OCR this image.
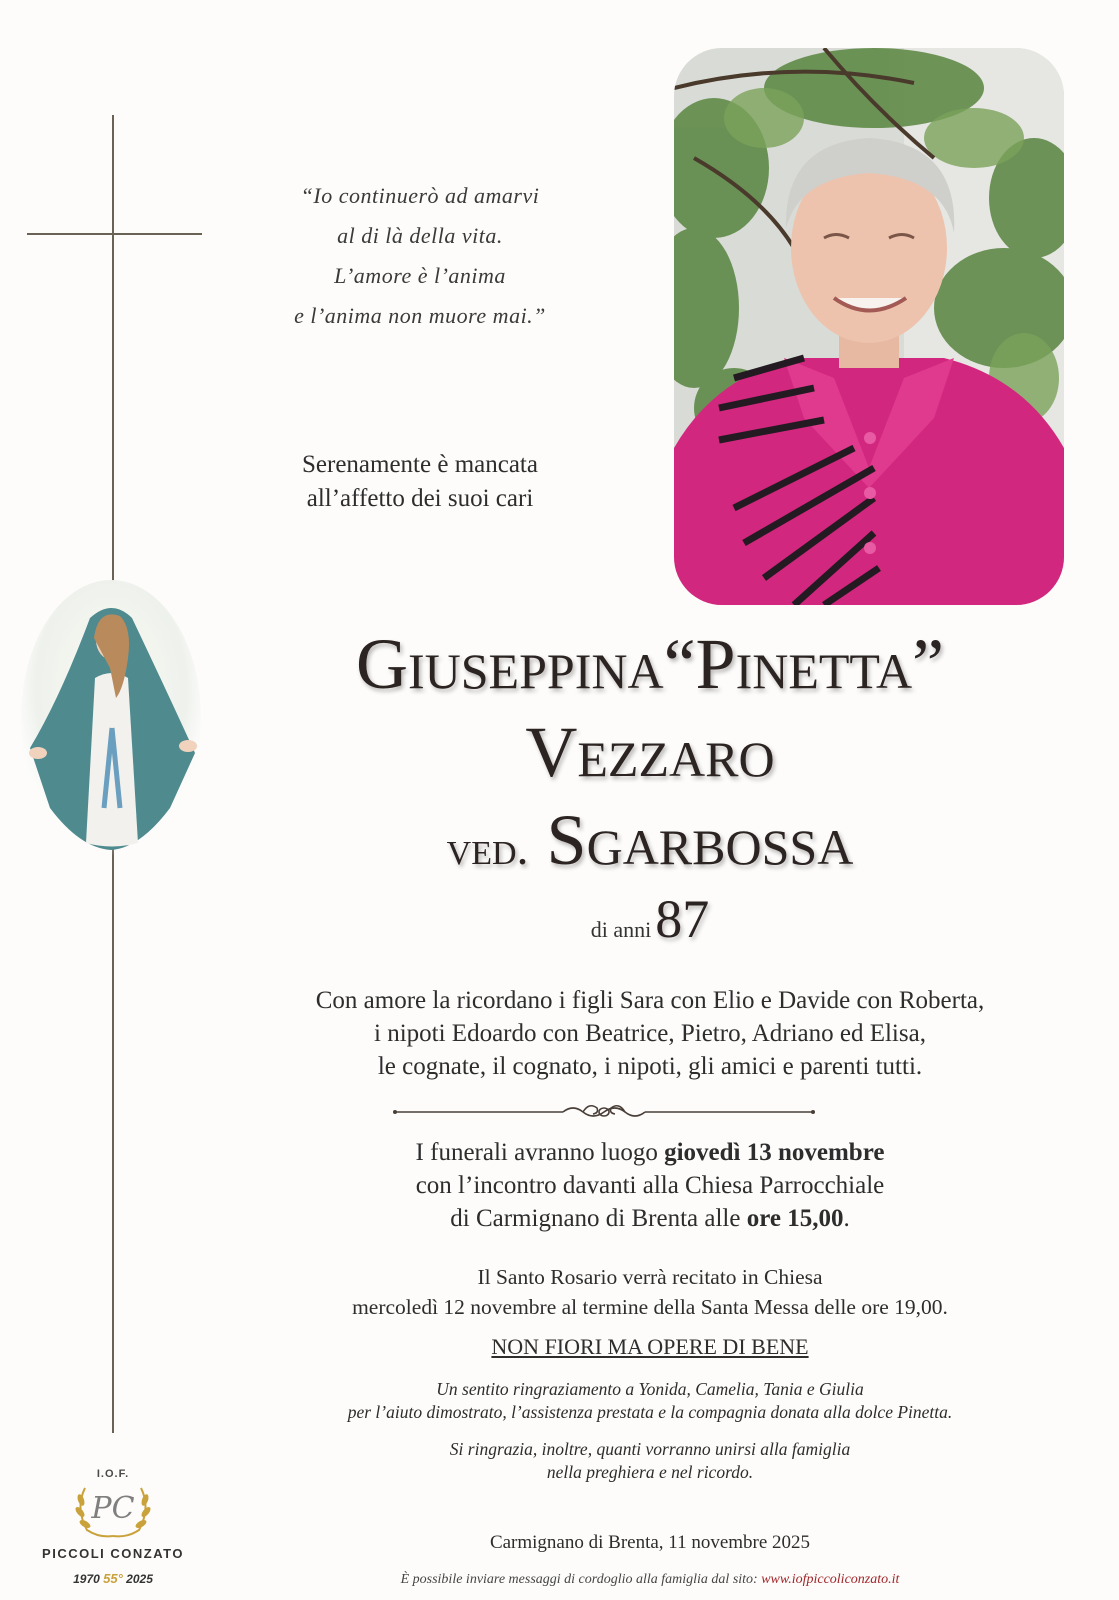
“Io continuerò ad amarvi
al di là della vita.
L’amore è l’anima
e l’anima non muore mai.”
Serenamente è mancata
all’affetto dei suoi cari
Giuseppina“Pinetta”
Vezzaro
ved. Sgarbossa
di anni 87
Con amore la ricordano i figli Sara con Elio e Davide con Roberta,
i nipoti Edoardo con Beatrice, Pietro, Adriano ed Elisa,
le cognate, il cognato, i nipoti, gli amici e parenti tutti.
I funerali avranno luogo giovedì 13 novembre
con l’incontro davanti alla Chiesa Parrocchiale
di Carmignano di Brenta alle ore 15,00.
Il Santo Rosario verrà recitato in Chiesa
mercoledì 12 novembre al termine della Santa Messa delle ore 19,00.
NON FIORI MA OPERE DI BENE
Un sentito ringraziamento a Yonida, Camelia, Tania e Giulia
per l’aiuto dimostrato, l’assistenza prestata e la compagnia donata alla dolce Pinetta.
Si ringrazia, inoltre, quanti vorranno unirsi alla famiglia
nella preghiera e nel ricordo.
Carmignano di Brenta, 11 novembre 2025
È possibile inviare messaggi di cordoglio alla famiglia dal sito: www.iofpiccoliconzato.it
I.O.F.
PC
PICCOLI CONZATO
1970 55° 2025
